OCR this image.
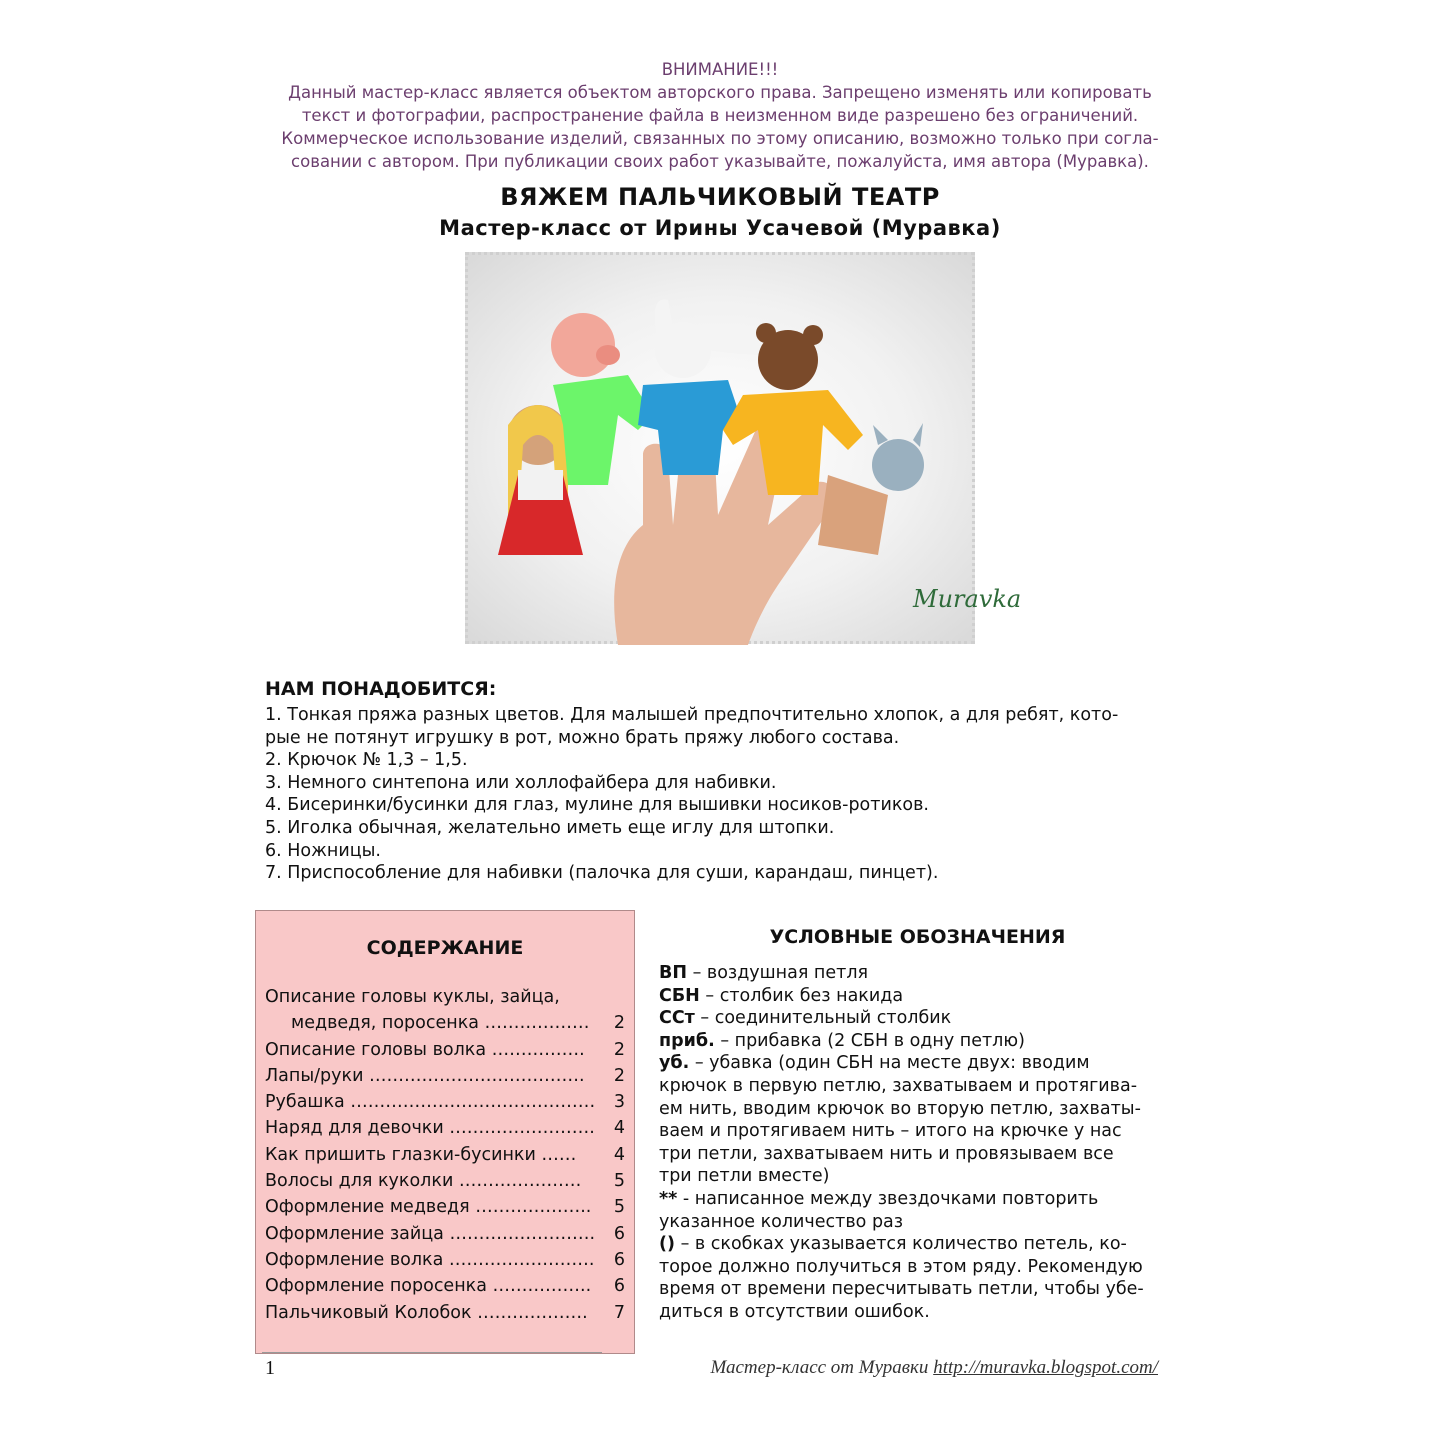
ВНИМАНИЕ!!!
Данный мастер-класс является объектом авторского права. Запрещено изменять или копировать
текст и фотографии, распространение файла в неизменном виде разрешено без ограничений.
Коммерческое использование изделий, связанных по этому описанию, возможно только при согла-
совании с автором. При публикации своих работ указывайте, пожалуйста, имя автора (Муравка).
ВЯЖЕМ ПАЛЬЧИКОВЫЙ ТЕАТР
Мастер-класс от Ирины Усачевой (Муравка)
Muravka
НАМ ПОНАДОБИТСЯ:
1. Тонкая пряжа разных цветов. Для малышей предпочтительно хлопок, а для ребят, кото-
рые не потянут игрушку в рот, можно брать пряжу любого состава.
2. Крючок № 1,3 – 1,5.
3. Немного синтепона или холлофайбера для набивки.
4. Бисеринки/бусинки для глаз, мулине для вышивки носиков-ротиков.
5. Иголка обычная, желательно иметь еще иглу для штопки.
6. Ножницы.
7. Приспособление для набивки (палочка для суши, карандаш, пинцет).
СОДЕРЖАНИЕ
Описание головы куклы, зайца,
медведя, поросенка ……………… 2
Описание головы волка ……………. 2
Лапы/руки ………………………………. 2
Рубашка …………………………………… 3
Наряд для девочки ……………………. 4
Как пришить глазки-бусинки …… 4
Волосы для куколки ………………… 5
Оформление медведя ……………….. 5
Оформление зайца ……………………. 6
Оформление волка ……………………. 6
Оформление поросенка …………….. 6
Пальчиковый Колобок ………………. 7
УСЛОВНЫЕ ОБОЗНАЧЕНИЯ
ВП – воздушная петля
СБН – столбик без накида
ССт – соединительный столбик
приб. – прибавка (2 СБН в одну петлю)
уб. – убавка (один СБН на месте двух: вводим
крючок в первую петлю, захватываем и протягива-
ем нить, вводим крючок во вторую петлю, захваты-
ваем и протягиваем нить – итого на крючке у нас
три петли, захватываем нить и провязываем все
три петли вместе)
** - написанное между звездочками повторить
указанное количество раз
() – в скобках указывается количество петель, ко-
торое должно получиться в этом ряду. Рекомендую
время от времени пересчитывать петли, чтобы убе-
диться в отсутствии ошибок.
1	Мастер-класс от Муравки http://muravka.blogspot.com/
